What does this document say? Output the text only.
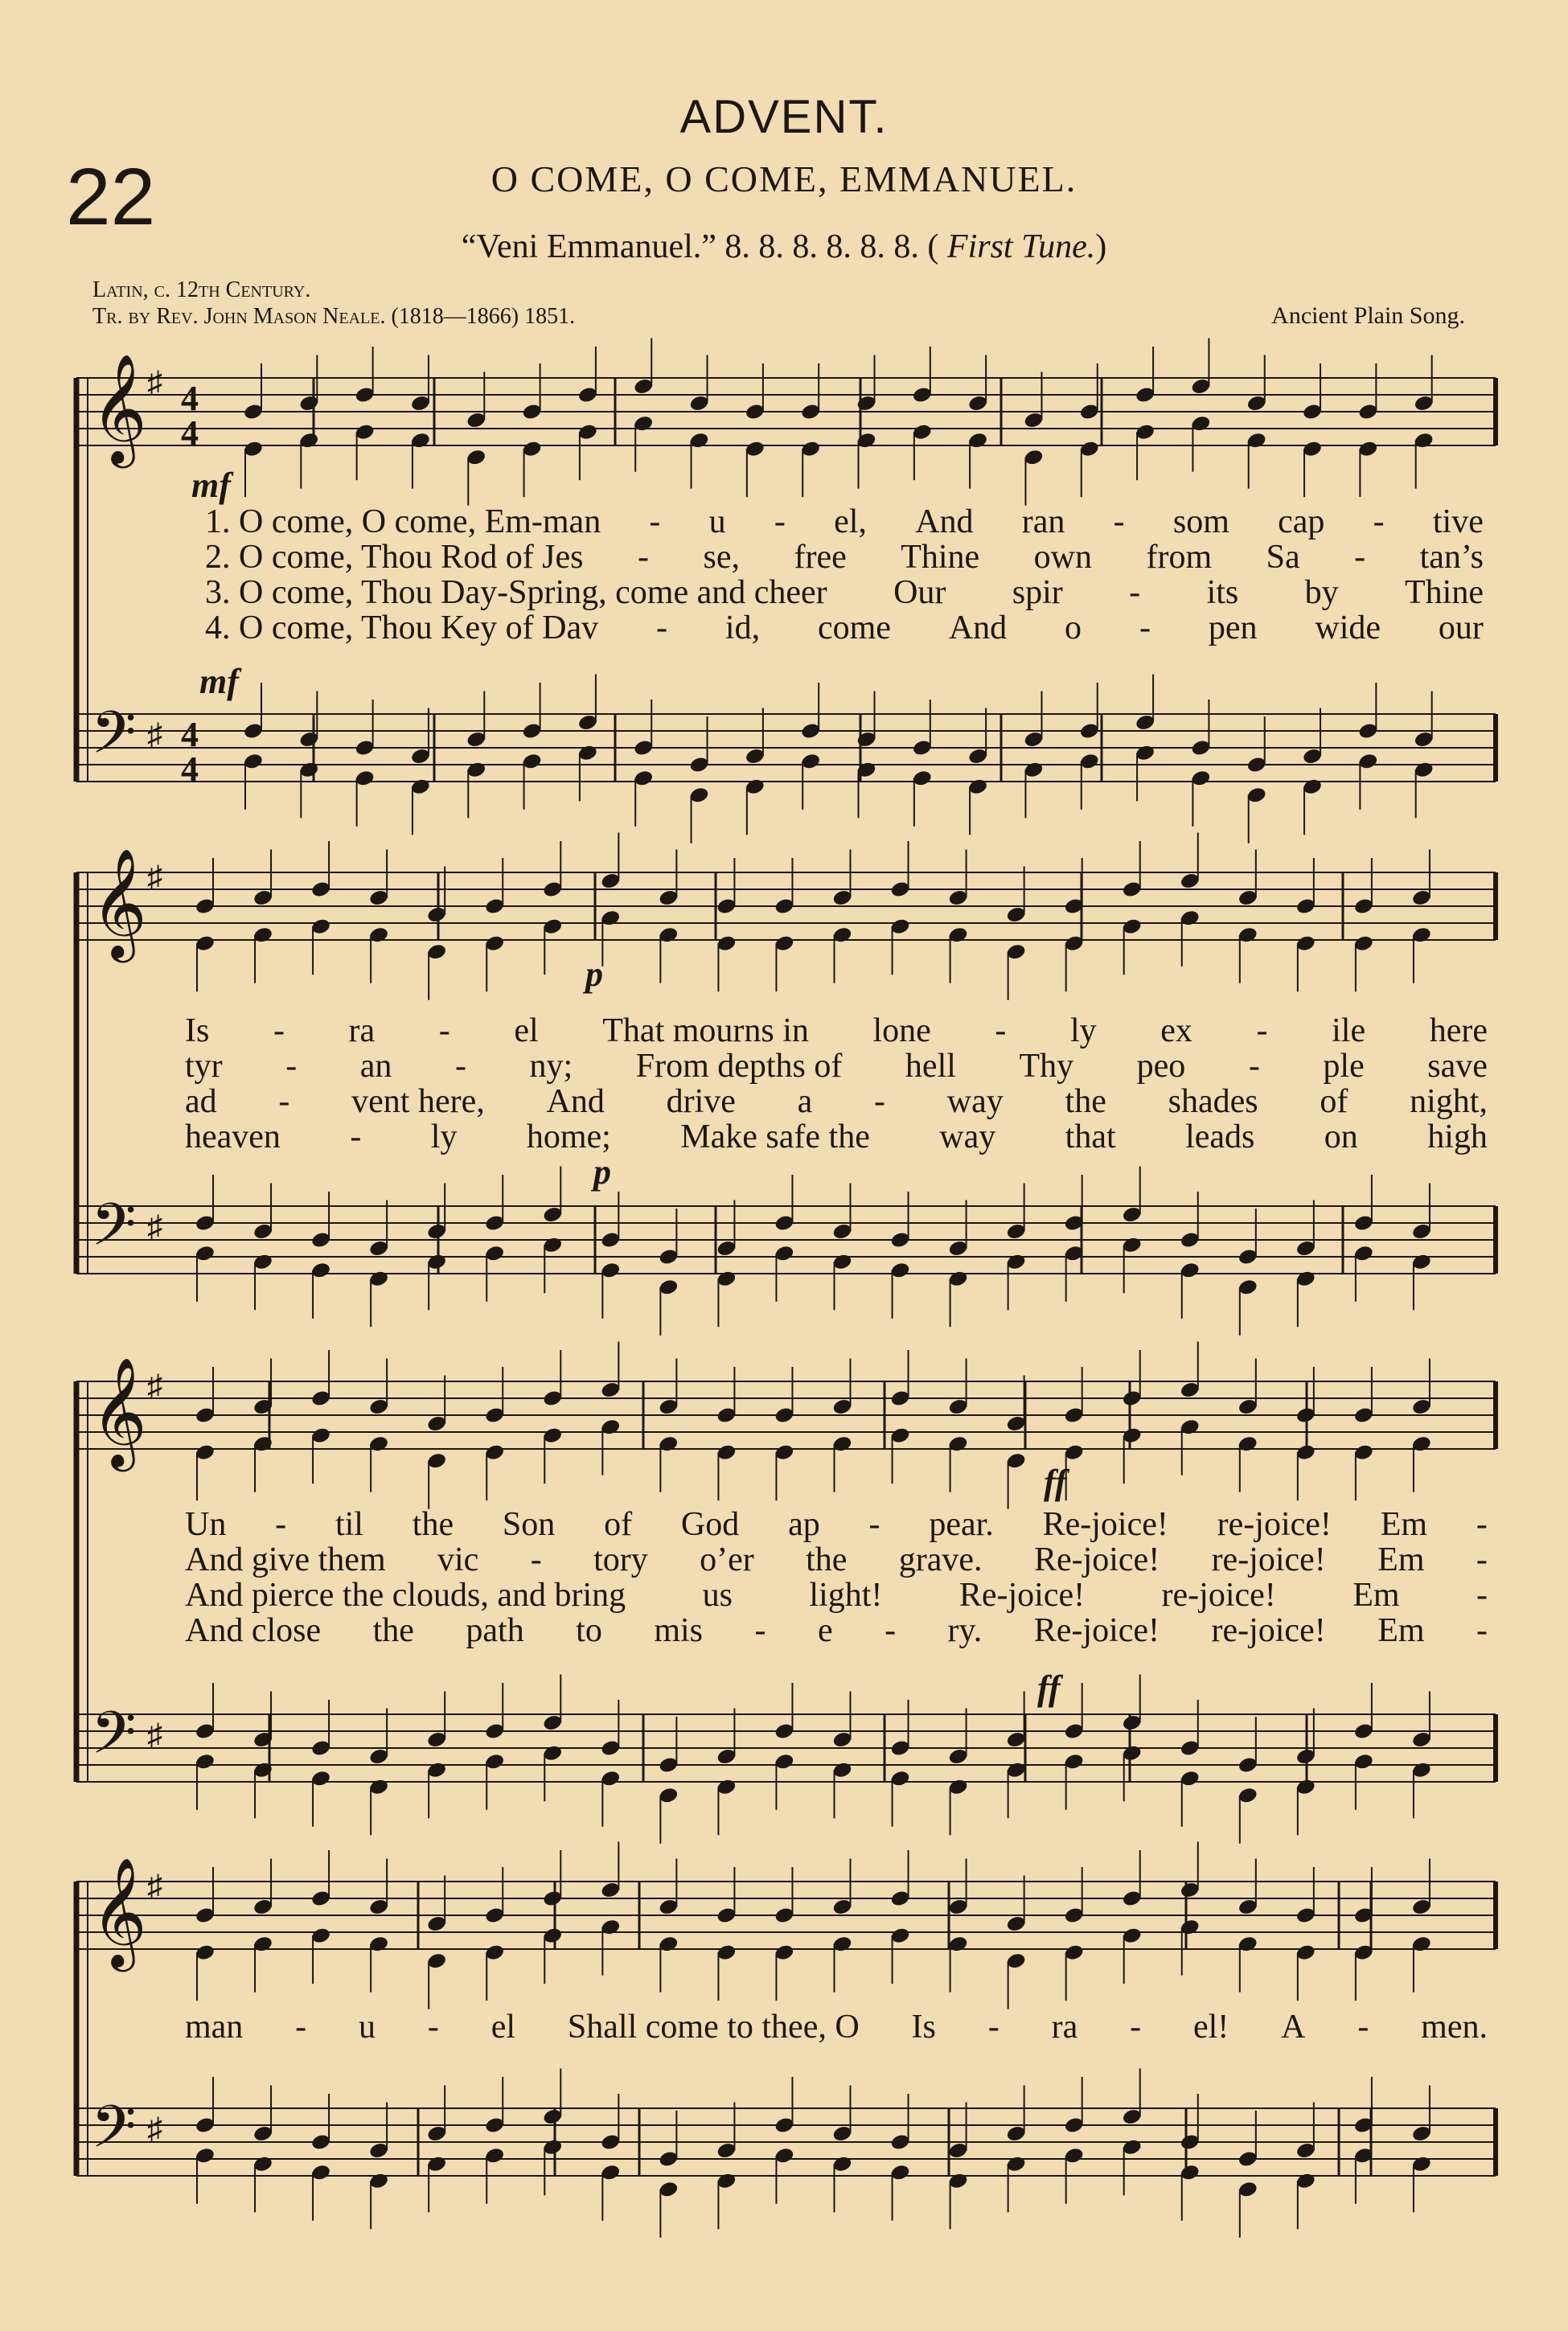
ADVENT.
22	O COME, O COME, EMMANUEL.
“Veni Emmanuel.” 8. 8. 8. 8. 8. 8. ( First Tune.)
Latin, c. 12th Century.
Tr. by Rev. John Mason Neale. (1818—1866) 1851.	Ancient Plain Song.
𝄞
𝄢
♯
♯
4
4
4
4
𝄞
𝄢
♯
♯
𝄞
𝄢
♯
♯
𝄞
𝄢
♯
♯
1. O come, O come, Em-man - u - el, And ran - som cap - tive
2. O come, Thou Rod of Jes - se, free Thine own from Sa - tan’s
3. O come, Thou Day-Spring, come and cheer Our spir - its by Thine
4. O come, Thou Key of Dav - id, come And o - pen wide our
Is - ra - el That mourns in lone - ly ex - ile here
tyr - an - ny; From depths of hell Thy peo - ple save
ad - vent here, And drive a - way the shades of night,
heaven - ly home; Make safe the way that leads on high
Un - til the Son of God ap - pear. Re-joice! re-joice! Em -
And give them vic - tory o’er the grave. Re-joice! re-joice! Em -
And pierce the clouds, and bring us light! Re-joice! re-joice! Em -
And close the path to mis - e - ry. Re-joice! re-joice! Em -
man - u - el Shall come to thee, O Is - ra - el! A - men.
mf
mf
p
p
ff
ff
